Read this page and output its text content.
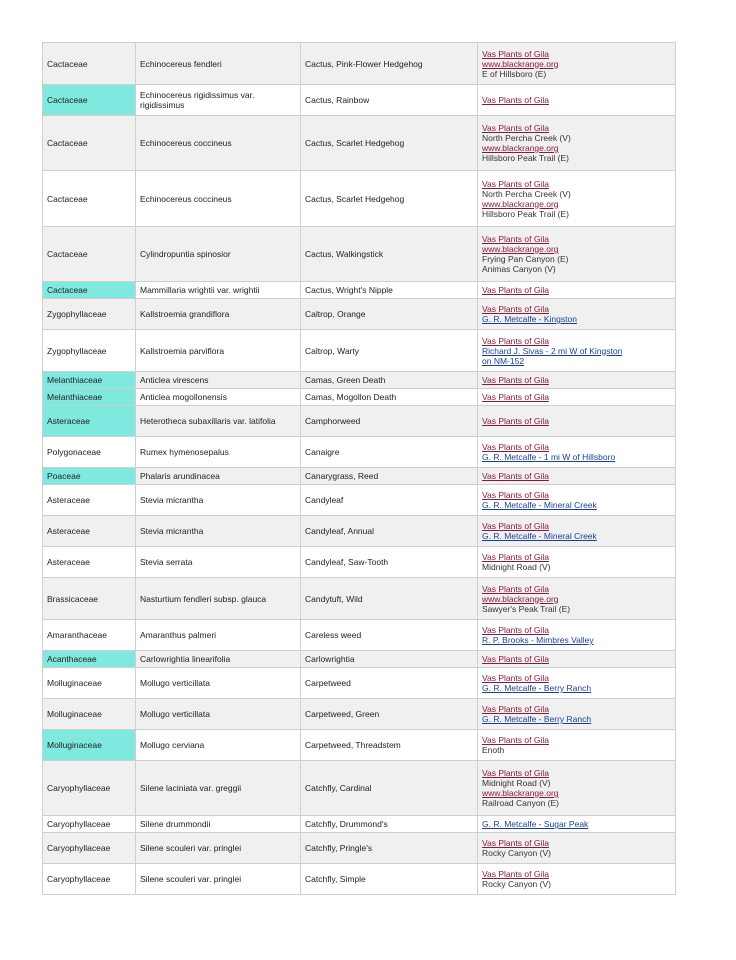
Cactaceae	Echinocereus fendleri	Cactus, Pink-Flower Hedgehog	Vas Plants of Gila
www.blackrange.org
E of Hillsboro (E)

Cactaceae	Echinocereus rigidissimus var. rigidissimus	Cactus, Rainbow	Vas Plants of Gila

Cactaceae	Echinocereus coccineus	Cactus, Scarlet Hedgehog	Vas Plants of Gila
North Percha Creek (V)
www.blackrange.org
Hillsboro Peak Trail (E)

Cactaceae	Echinocereus coccineus	Cactus, Scarlet Hedgehog	Vas Plants of Gila
North Percha Creek (V)
www.blackrange.org
Hillsboro Peak Trail (E)

Cactaceae	Cylindropuntia spinosior	Cactus, Walkingstick	Vas Plants of Gila
www.blackrange.org
Frying Pan Canyon (E)
Animas Canyon (V)

Cactaceae	Mammillaria wrightii var. wrightii	Cactus, Wright's Nipple	Vas Plants of Gila

Zygophyllaceae	Kallstroemia grandiflora	Caltrop, Orange	Vas Plants of Gila
G. R. Metcalfe - Kingston

Zygophyllaceae	Kallstroemia parviflora	Caltrop, Warty	Vas Plants of Gila
Richard J. Sivas - 2 mi W of Kingston
on NM-152

Melanthiaceae	Anticlea virescens	Camas, Green Death	Vas Plants of Gila

Melanthiaceae	Anticlea mogollonensis	Camas, Mogollon Death	Vas Plants of Gila

Asteraceae	Heterotheca subaxillaris var. latifolia	Camphorweed	Vas Plants of Gila

Polygonaceae	Rumex hymenosepalus	Canaigre	Vas Plants of Gila
G. R. Metcalfe - 1 mi W of Hillsboro

Poaceae	Phalaris arundinacea	Canarygrass, Reed	Vas Plants of Gila

Asteraceae	Stevia micrantha	Candyleaf	Vas Plants of Gila
G. R. Metcalfe - Mineral Creek

Asteraceae	Stevia micrantha	Candyleaf, Annual	Vas Plants of Gila
G. R. Metcalfe - Mineral Creek

Asteraceae	Stevia serrata	Candyleaf, Saw-Tooth	Vas Plants of Gila
Midnight Road (V)

Brassicaceae	Nasturtium fendleri subsp. glauca	Candytuft, Wild	Vas Plants of Gila
www.blackrange.org
Sawyer's Peak Trail (E)

Amaranthaceae	Amaranthus palmeri	Careless weed	Vas Plants of Gila
R. P. Brooks - Mimbres Valley

Acanthaceae	Carlowrightia linearifolia	Carlowrightia	Vas Plants of Gila

Molluginaceae	Mollugo verticillata	Carpetweed	Vas Plants of Gila
G. R. Metcalfe - Berry Ranch

Molluginaceae	Mollugo verticillata	Carpetweed, Green	Vas Plants of Gila
G. R. Metcalfe - Berry Ranch

Molluginaceae	Mollugo cerviana	Carpetweed, Threadstem	Vas Plants of Gila
Enoth

Caryophyllaceae	Silene laciniata var. greggii	Catchfly, Cardinal	Vas Plants of Gila
Midnight Road (V)
www.blackrange.org
Railroad Canyon (E)

Caryophyllaceae	Silene drummondii	Catchfly, Drummond's	G. R. Metcalfe - Sugar Peak

Caryophyllaceae	Silene scouleri var. pringlei	Catchfly, Pringle's	Vas Plants of Gila
Rocky Canyon (V)

Caryophyllaceae	Silene scouleri var. pringlei	Catchfly, Simple	Vas Plants of Gila
Rocky Canyon (V)
